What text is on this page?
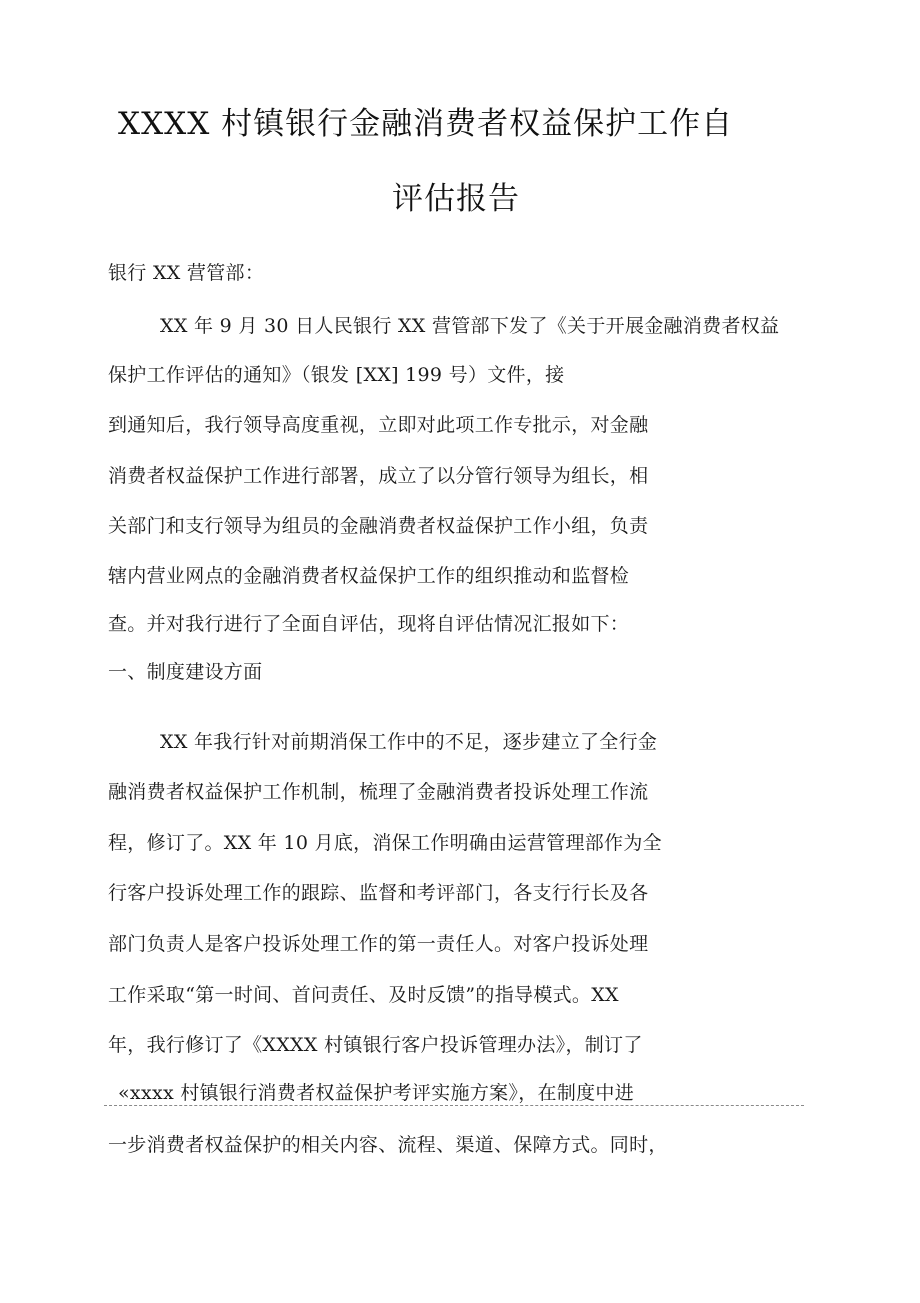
XXXX 村镇银行金融消费者权益保护工作自
评估报告
银行 XX 营管部：
XX 年 9 月 30 日人民银行 XX 营管部下发了《关于开展金融消费者权益
保护工作评估的通知》（银发 [XX] 199 号）文件，接
到通知后，我行领导高度重视，立即对此项工作专批示，对金融
消费者权益保护工作进行部署，成立了以分管行领导为组长，相
关部门和支行领导为组员的金融消费者权益保护工作小组，负责
辖内营业网点的金融消费者权益保护工作的组织推动和监督检
查。并对我行进行了全面自评估，现将自评估情况汇报如下：
一、制度建设方面
XX 年我行针对前期消保工作中的不足，逐步建立了全行金
融消费者权益保护工作机制，梳理了金融消费者投诉处理工作流
程，修订了。XX 年 10 月底，消保工作明确由运营管理部作为全
行客户投诉处理工作的跟踪、监督和考评部门，各支行行长及各
部门负责人是客户投诉处理工作的第一责任人。对客户投诉处理
工作采取“第一时间、首问责任、及时反馈”的指导模式。XX
年，我行修订了《XXXX 村镇银行客户投诉管理办法》，制订了
«xxxx 村镇银行消费者权益保护考评实施方案》，在制度中进
一步消费者权益保护的相关内容、流程、渠道、保障方式。同时，
